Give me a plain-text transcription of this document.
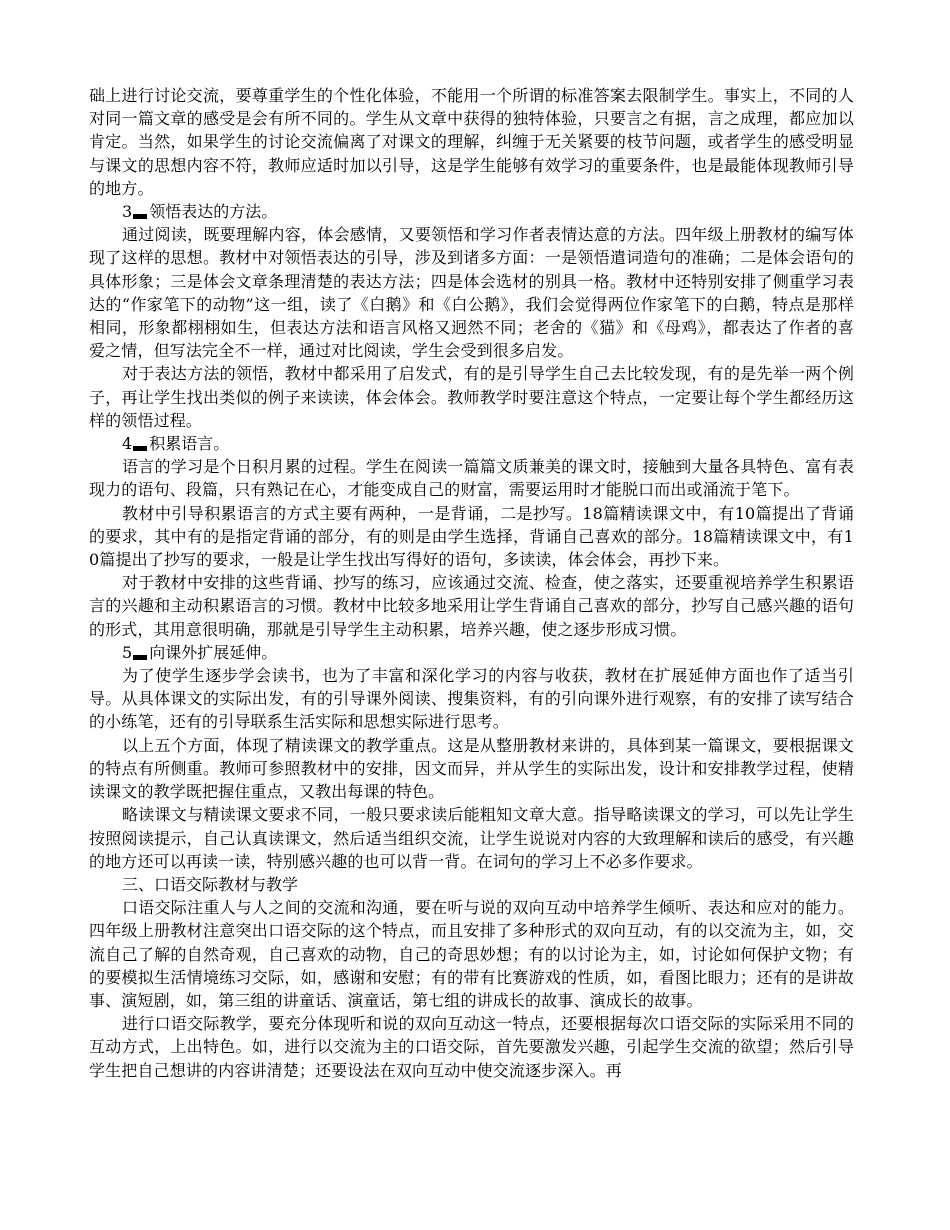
础上进行讨论交流，要尊重学生的个性化体验，不能用一个所谓的标准答案去限制学生。事实上，不同的人对同一篇文章的感受是会有所不同的。学生从文章中获得的独特体验，只要言之有据，言之成理，都应加以肯定。当然，如果学生的讨论交流偏离了对课文的理解，纠缠于无关紧要的枝节问题，或者学生的感受明显与课文的思想内容不符，教师应适时加以引导，这是学生能够有效学习的重要条件，也是最能体现教师引导的地方。

3 领悟表达的方法。

通过阅读，既要理解内容，体会感情，又要领悟和学习作者表情达意的方法。四年级上册教材的编写体现了这样的思想。教材中对领悟表达的引导，涉及到诸多方面：一是领悟遣词造句的准确；二是体会语句的具体形象；三是体会文章条理清楚的表达方法；四是体会选材的别具一格。教材中还特别安排了侧重学习表达的“作家笔下的动物”这一组，读了《白鹅》和《白公鹅》，我们会觉得两位作家笔下的白鹅，特点是那样相同，形象都栩栩如生，但表达方法和语言风格又迥然不同；老舍的《猫》和《母鸡》，都表达了作者的喜爱之情，但写法完全不一样，通过对比阅读，学生会受到很多启发。

对于表达方法的领悟，教材中都采用了启发式，有的是引导学生自己去比较发现，有的是先举一两个例子，再让学生找出类似的例子来读读，体会体会。教师教学时要注意这个特点，一定要让每个学生都经历这样的领悟过程。

4 积累语言。

语言的学习是个日积月累的过程。学生在阅读一篇篇文质兼美的课文时，接触到大量各具特色、富有表现力的语句、段篇，只有熟记在心，才能变成自己的财富，需要运用时才能脱口而出或涌流于笔下。

教材中引导积累语言的方式主要有两种，一是背诵，二是抄写。18篇精读课文中，有10篇提出了背诵的要求，其中有的是指定背诵的部分，有的则是由学生选择，背诵自己喜欢的部分。18篇精读课文中，有10篇提出了抄写的要求，一般是让学生找出写得好的语句，多读读，体会体会，再抄下来。

对于教材中安排的这些背诵、抄写的练习，应该通过交流、检查，使之落实，还要重视培养学生积累语言的兴趣和主动积累语言的习惯。教材中比较多地采用让学生背诵自己喜欢的部分，抄写自己感兴趣的语句的形式，其用意很明确，那就是引导学生主动积累，培养兴趣，使之逐步形成习惯。

5 向课外扩展延伸。

为了使学生逐步学会读书，也为了丰富和深化学习的内容与收获，教材在扩展延伸方面也作了适当引导。从具体课文的实际出发，有的引导课外阅读、搜集资料，有的引向课外进行观察，有的安排了读写结合的小练笔，还有的引导联系生活实际和思想实际进行思考。

以上五个方面，体现了精读课文的教学重点。这是从整册教材来讲的，具体到某一篇课文，要根据课文的特点有所侧重。教师可参照教材中的安排，因文而异，并从学生的实际出发，设计和安排教学过程，使精读课文的教学既把握住重点，又教出每课的特色。

略读课文与精读课文要求不同，一般只要求读后能粗知文章大意。指导略读课文的学习，可以先让学生按照阅读提示，自己认真读课文，然后适当组织交流，让学生说说对内容的大致理解和读后的感受，有兴趣的地方还可以再读一读，特别感兴趣的也可以背一背。在词句的学习上不必多作要求。

三、口语交际教材与教学

口语交际注重人与人之间的交流和沟通，要在听与说的双向互动中培养学生倾听、表达和应对的能力。四年级上册教材注意突出口语交际的这个特点，而且安排了多种形式的双向互动，有的以交流为主，如，交流自己了解的自然奇观，自己喜欢的动物，自己的奇思妙想；有的以讨论为主，如，讨论如何保护文物；有的要模拟生活情境练习交际，如，感谢和安慰；有的带有比赛游戏的性质，如，看图比眼力；还有的是讲故事、演短剧，如，第三组的讲童话、演童话，第七组的讲成长的故事、演成长的故事。

进行口语交际教学，要充分体现听和说的双向互动这一特点，还要根据每次口语交际的实际采用不同的互动方式，上出特色。如，进行以交流为主的口语交际，首先要激发兴趣，引起学生交流的欲望；然后引导学生把自己想讲的内容讲清楚；还要设法在双向互动中使交流逐步深入。再
